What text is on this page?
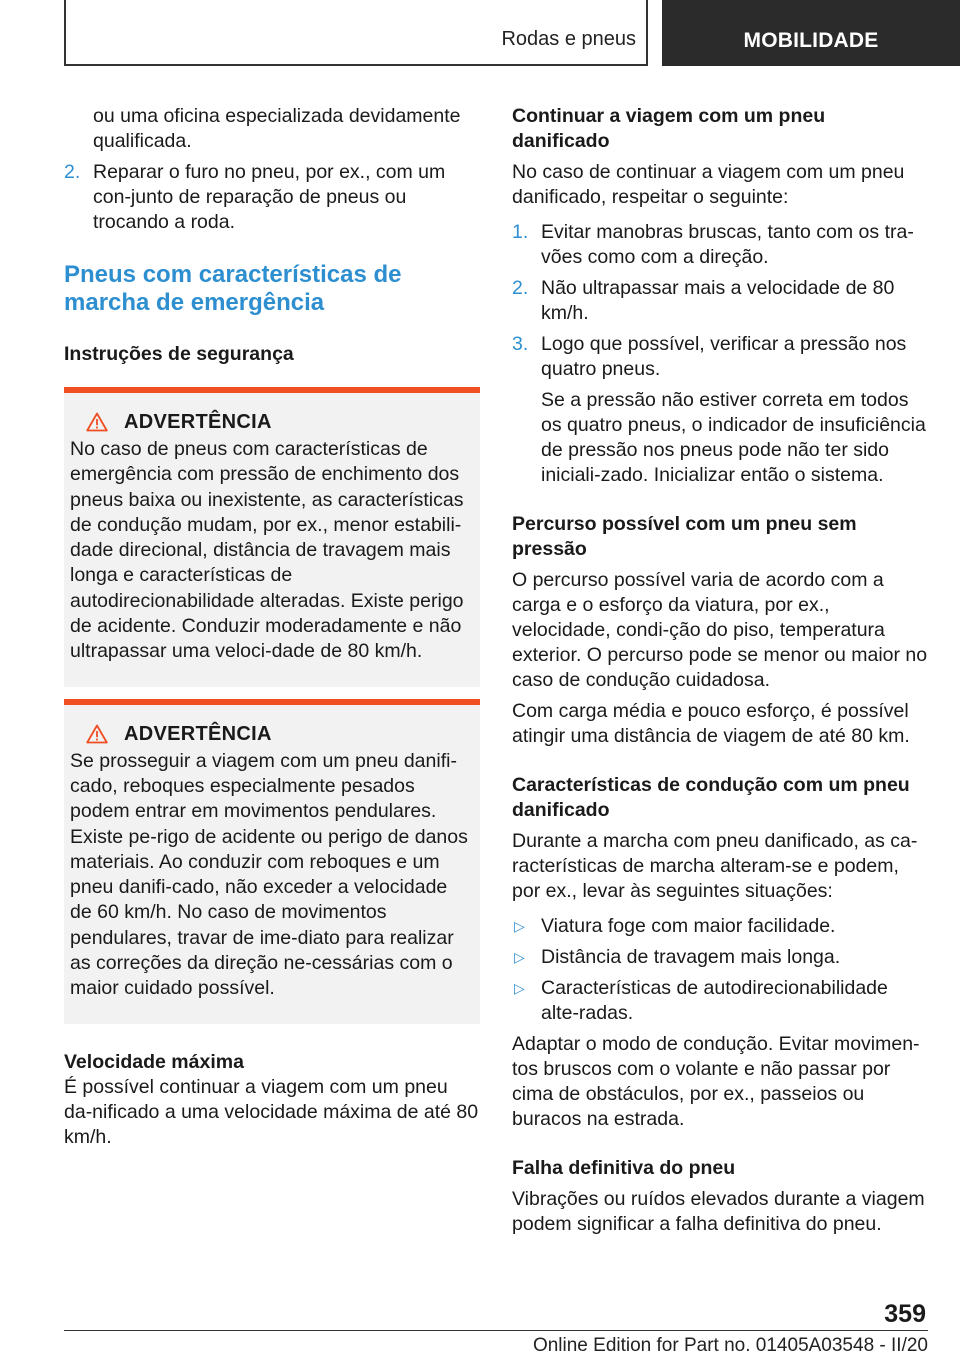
Rodas e pneus	MOBILIDADE

ou uma oficina especializada devidamente qualificada.

2. Reparar o furo no pneu, por ex., com um con-junto de reparação de pneus ou trocando a roda.

Pneus com características de
marcha de emergência
Instruções de segurança
ADVERTÊNCIA

No caso de pneus com características de emergência com pressão de enchimento dos pneus baixa ou inexistente, as características de condução mudam, por ex., menor estabili-dade direcional, distância de travagem mais longa e características de autodirecionabilidade alteradas. Existe perigo de acidente. Conduzir moderadamente e não ultrapassar uma veloci-dade de 80 km/h.

ADVERTÊNCIA

Se prosseguir a viagem com um pneu danifi-cado, reboques especialmente pesados podem entrar em movimentos pendulares. Existe pe-rigo de acidente ou perigo de danos materiais. Ao conduzir com reboques e um pneu danifi-cado, não exceder a velocidade de 60 km/h. No caso de movimentos pendulares, travar de ime-diato para realizar as correções da direção ne-cessárias com o maior cuidado possível.

Velocidade máxima

É possível continuar a viagem com um pneu da-nificado a uma velocidade máxima de até 80 km/h.

Continuar a viagem com um pneu danificado

No caso de continuar a viagem com um pneu danificado, respeitar o seguinte:

1. Evitar manobras bruscas, tanto com os tra-vões como com a direção.

2. Não ultrapassar mais a velocidade de 80 km/h.

3. Logo que possível, verificar a pressão nos quatro pneus.

Se a pressão não estiver correta em todos os quatro pneus, o indicador de insuficiência de pressão nos pneus pode não ter sido iniciali-zado. Inicializar então o sistema.

Percurso possível com um pneu sem pressão

O percurso possível varia de acordo com a carga e o esforço da viatura, por ex., velocidade, condi-ção do piso, temperatura exterior. O percurso pode se menor ou maior no caso de condução cuidadosa.

Com carga média e pouco esforço, é possível atingir uma distância de viagem de até 80 km.

Características de condução com um pneu danificado

Durante a marcha com pneu danificado, as ca-racterísticas de marcha alteram-se e podem, por ex., levar às seguintes situações:

▷ Viatura foge com maior facilidade.

▷ Distância de travagem mais longa.

▷ Características de autodirecionabilidade alte-radas.

Adaptar o modo de condução. Evitar movimen-tos bruscos com o volante e não passar por cima de obstáculos, por ex., passeios ou buracos na estrada.

Falha definitiva do pneu

Vibrações ou ruídos elevados durante a viagem podem significar a falha definitiva do pneu.

359
Online Edition for Part no. 01405A03548 - II/20
